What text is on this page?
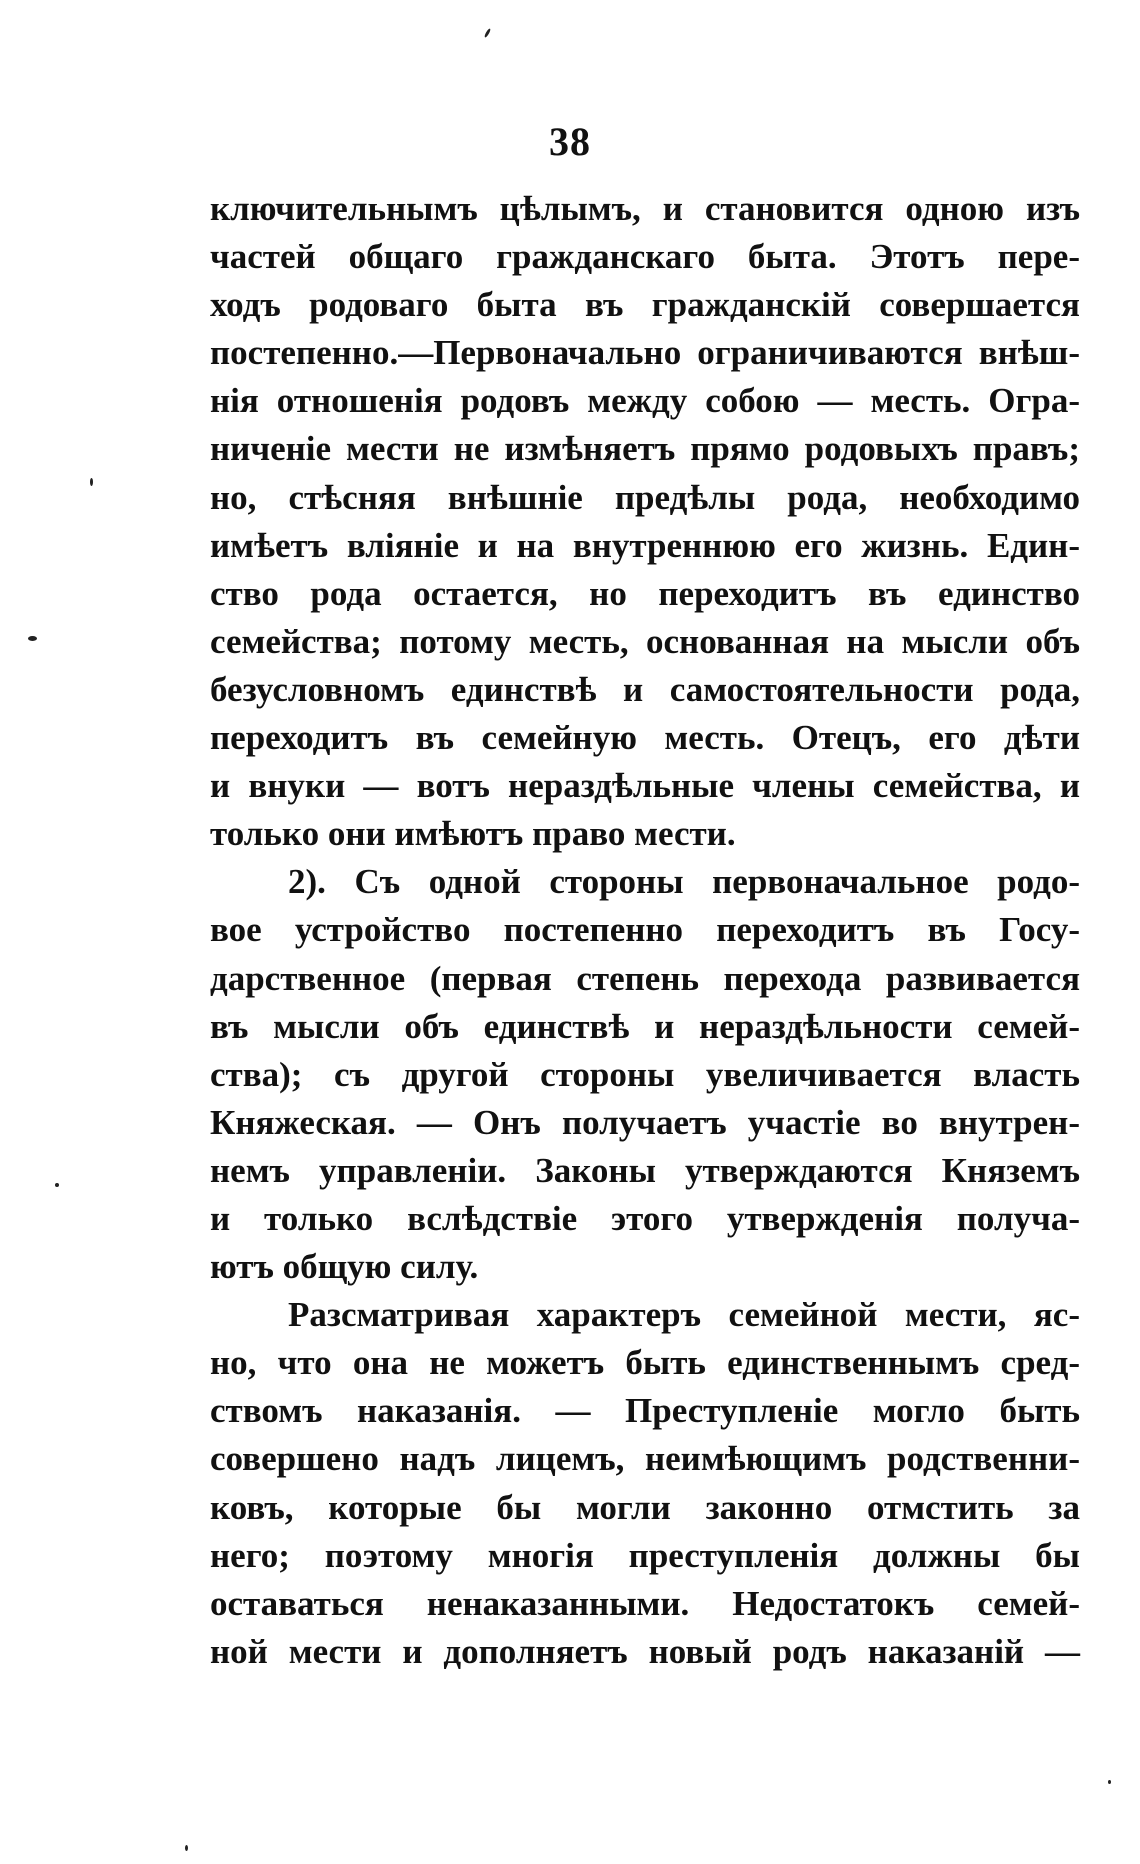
38
ключительнымъ цѣлымъ, и становится одною изъ
частей общаго гражданскаго быта. Этотъ пере-
ходъ родоваго быта въ гражданскій совершается
постепенно.—Первоначально ограничиваются внѣш-
нія отношенія родовъ между собою — месть. Огра-
ниченіе мести не измѣняетъ прямо родовыхъ правъ;
но, стѣсняя внѣшніе предѣлы рода, необходимо
имѣетъ вліяніе и на внутреннюю его жизнь. Един-
ство рода остается, но переходитъ въ единство
семейства; потому месть, основанная на мысли объ
безусловномъ единствѣ и самостоятельности рода,
переходитъ въ семейную месть. Отецъ, его дѣти
и внуки — вотъ нераздѣльные члены семейства, и
только они имѣютъ право мести.
2). Съ одной стороны первоначальное родо-
вое устройство постепенно переходитъ въ Госу-
дарственное (первая степень перехода развивается
въ мысли объ единствѣ и нераздѣльности семей-
ства); съ другой стороны увеличивается власть
Княжеская. — Онъ получаетъ участіе во внутрен-
немъ управленіи. Законы утверждаются Княземъ
и только вслѣдствіе этого утвержденія получа-
ютъ общую силу.
Разсматривая характеръ семейной мести, яс-
но, что она не можетъ быть единственнымъ сред-
ствомъ наказанія. — Преступленіе могло быть
совершено надъ лицемъ, неимѣющимъ родственни-
ковъ, которые бы могли законно отмстить за
него; поэтому многія преступленія должны бы
оставаться ненаказанными. Недостатокъ семей-
ной мести и дополняетъ новый родъ наказаній —
